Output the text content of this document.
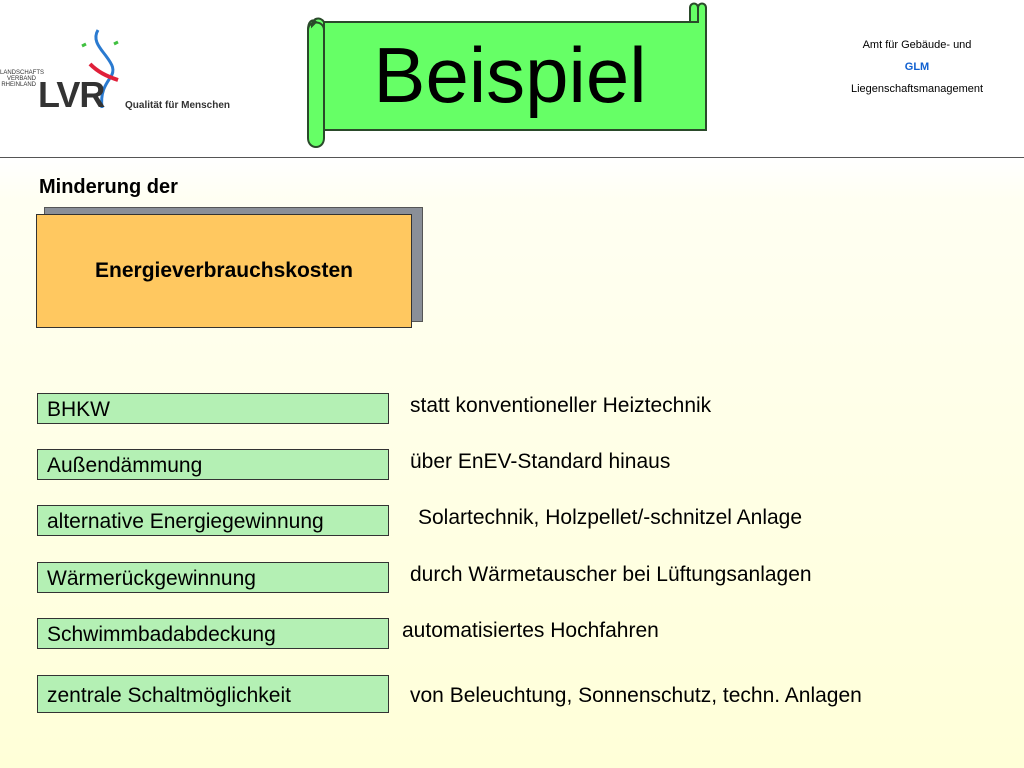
LANDSCHAFTS
VERBAND
RHEINLAND LVR Qualität für Menschen	Beispiel	Amt für Gebäude- und
GLM
Liegenschaftsmanagement
Minderung der
Energieverbrauchskosten
BHKW	statt konventioneller Heiztechnik
Außendämmung	über EnEV-Standard hinaus
alternative Energiegewinnung	Solartechnik, Holzpellet/-schnitzel Anlage
Wärmerückgewinnung	durch Wärmetauscher bei Lüftungsanlagen
Schwimmbadabdeckung	automatisiertes Hochfahren
zentrale Schaltmöglichkeit	von Beleuchtung, Sonnenschutz, techn. Anlagen
